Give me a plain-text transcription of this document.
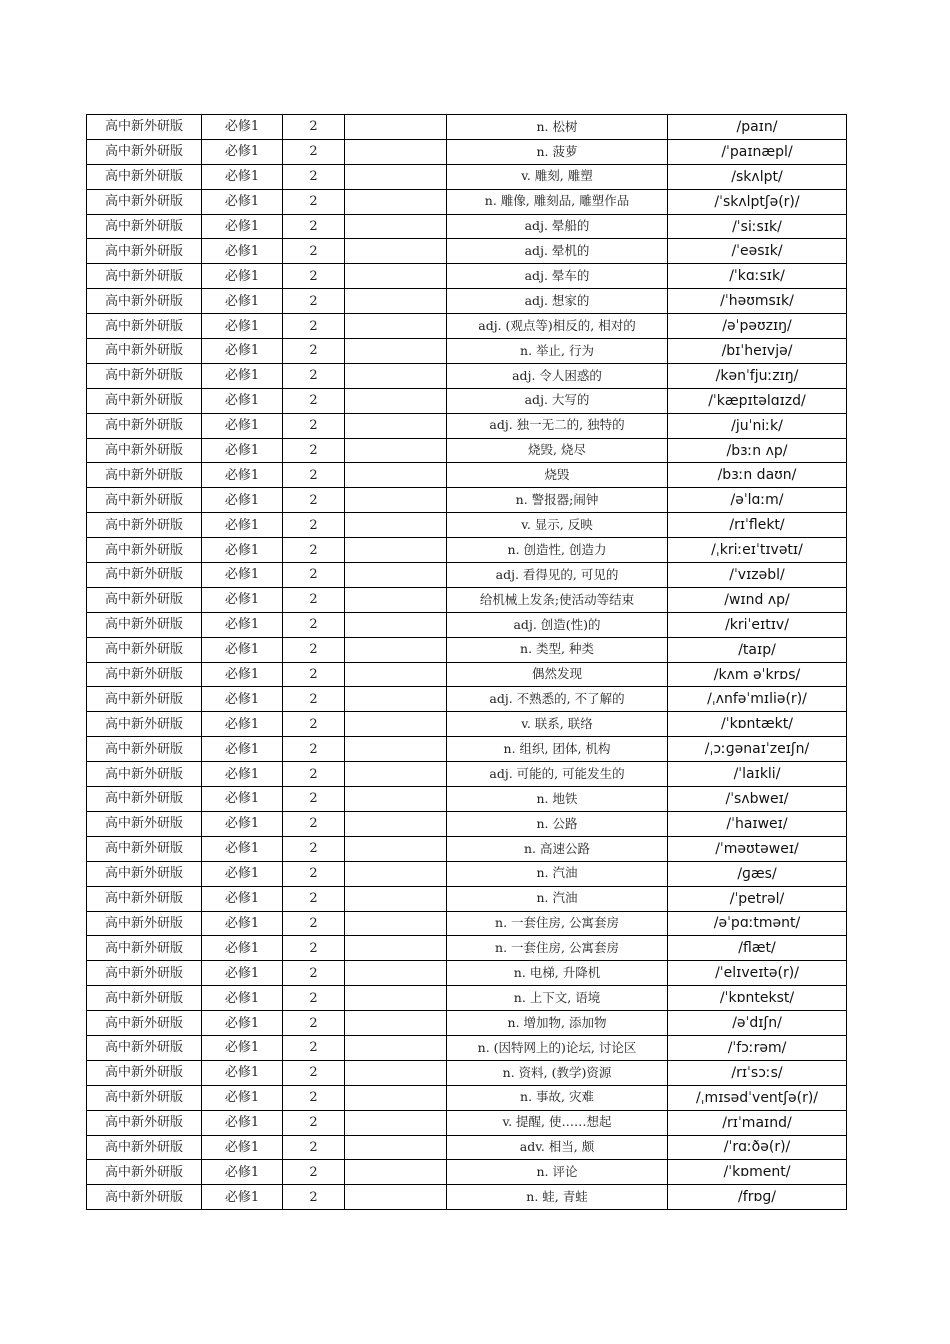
高中新外研版	必修1	2		n. 松树	/paɪn/
高中新外研版	必修1	2		n. 菠萝	/ˈpaɪnæpl/
高中新外研版	必修1	2		v. 雕刻, 雕塑	/skʌlpt/
高中新外研版	必修1	2		n. 雕像, 雕刻品, 雕塑作品	/ˈskʌlptʃə(r)/
高中新外研版	必修1	2		adj. 晕船的	/ˈsiːsɪk/
高中新外研版	必修1	2		adj. 晕机的	/ˈeəsɪk/
高中新外研版	必修1	2		adj. 晕车的	/ˈkɑːsɪk/
高中新外研版	必修1	2		adj. 想家的	/ˈhəʊmsɪk/
高中新外研版	必修1	2		adj. (观点等)相反的, 相对的	/əˈpəʊzɪŋ/
高中新外研版	必修1	2		n. 举止, 行为	/bɪˈheɪvjə/
高中新外研版	必修1	2		adj. 令人困惑的	/kənˈfjuːzɪŋ/
高中新外研版	必修1	2		adj. 大写的	/ˈkæpɪtəlɑɪzd/
高中新外研版	必修1	2		adj. 独一无二的, 独特的	/juˈniːk/
高中新外研版	必修1	2		烧毁, 烧尽	/bɜːn ʌp/
高中新外研版	必修1	2		烧毁	/bɜːn daʊn/
高中新外研版	必修1	2		n. 警报器;闹钟	/əˈlɑːm/
高中新外研版	必修1	2		v. 显示, 反映	/rɪˈflekt/
高中新外研版	必修1	2		n. 创造性, 创造力	/ˌkriːeɪˈtɪvətɪ/
高中新外研版	必修1	2		adj. 看得见的, 可见的	/ˈvɪzəbl/
高中新外研版	必修1	2		给机械上发条;使活动等结束	/wɪnd ʌp/
高中新外研版	必修1	2		adj. 创造(性)的	/kriˈeɪtɪv/
高中新外研版	必修1	2		n. 类型, 种类	/taɪp/
高中新外研版	必修1	2		偶然发现	/kʌm əˈkrɒs/
高中新外研版	必修1	2		adj. 不熟悉的, 不了解的	/ˌʌnfəˈmɪliə(r)/
高中新外研版	必修1	2		v. 联系, 联络	/ˈkɒntækt/
高中新外研版	必修1	2		n. 组织, 团体, 机构	/ˌɔːɡənaɪˈzeɪʃn/
高中新外研版	必修1	2		adj. 可能的, 可能发生的	/ˈlaɪkli/
高中新外研版	必修1	2		n. 地铁	/ˈsʌbweɪ/
高中新外研版	必修1	2		n. 公路	/ˈhaɪweɪ/
高中新外研版	必修1	2		n. 高速公路	/ˈməʊtəweɪ/
高中新外研版	必修1	2		n. 汽油	/ɡæs/
高中新外研版	必修1	2		n. 汽油	/ˈpetrəl/
高中新外研版	必修1	2		n. 一套住房, 公寓套房	/əˈpɑːtmənt/
高中新外研版	必修1	2		n. 一套住房, 公寓套房	/flæt/
高中新外研版	必修1	2		n. 电梯, 升降机	/ˈelɪveɪtə(r)/
高中新外研版	必修1	2		n. 上下文, 语境	/ˈkɒntekst/
高中新外研版	必修1	2		n. 增加物, 添加物	/əˈdɪʃn/
高中新外研版	必修1	2		n. (因特网上的)论坛, 讨论区	/ˈfɔːrəm/
高中新外研版	必修1	2		n. 资料, (教学)资源	/rɪˈsɔːs/
高中新外研版	必修1	2		n. 事故, 灾难	/ˌmɪsədˈventʃə(r)/
高中新外研版	必修1	2		v. 提醒, 使……想起	/rɪˈmaɪnd/
高中新外研版	必修1	2		adv. 相当, 颇	/ˈrɑːðə(r)/
高中新外研版	必修1	2		n. 评论	/ˈkɒment/
高中新外研版	必修1	2		n. 蛙, 青蛙	/frɒɡ/
